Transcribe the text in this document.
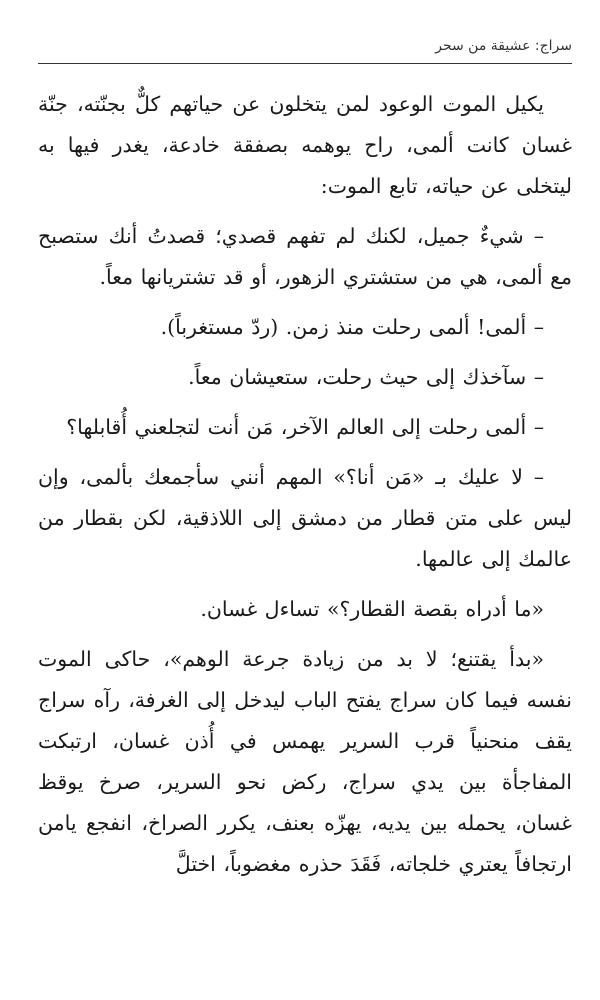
سراج: عشيقة من سحر

يكيل الموت الوعود لمن يتخلون عن حياتهم كلٌّ بجنّته، جنّة غسان كانت ألمى، راح يوهمه بصفقة خادعة، يغدر فيها به ليتخلى عن حياته، تابع الموت:

– شيءٌ جميل، لكنك لم تفهم قصدي؛ قصدتُ أنك ستصبح مع ألمى، هي من ستشتري الزهور، أو قد تشتريانها معاً.

– ألمى! ألمى رحلت منذ زمن. (ردّ مستغرباً).

– سآخذك إلى حيث رحلت، ستعيشان معاً.

– ألمى رحلت إلى العالم الآخر، مَن أنت لتجلعني أُقابلها؟

– لا عليك بـ «مَن أنا؟» المهم أنني سأجمعك بألمى، وإن ليس على متن قطار من دمشق إلى اللاذقية، لكن بقطار من عالمك إلى عالمها.

«ما أدراه بقصة القطار؟» تساءل غسان.

«بدأ يقتنع؛ لا بد من زيادة جرعة الوهم»، حاكى الموت نفسه فيما كان سراج يفتح الباب ليدخل إلى الغرفة، رآه سراج يقف منحنياً قرب السرير يهمس في أُذن غسان، ارتبكت المفاجأة بين يدي سراج، ركض نحو السرير، صرخ يوقظ غسان، يحمله بين يديه، يهزّه بعنف، يكرر الصراخ، انفجع يامن ارتجافاً يعتري خلجاته، فَقَدَ حذره مغضوباً، اختلَّ
